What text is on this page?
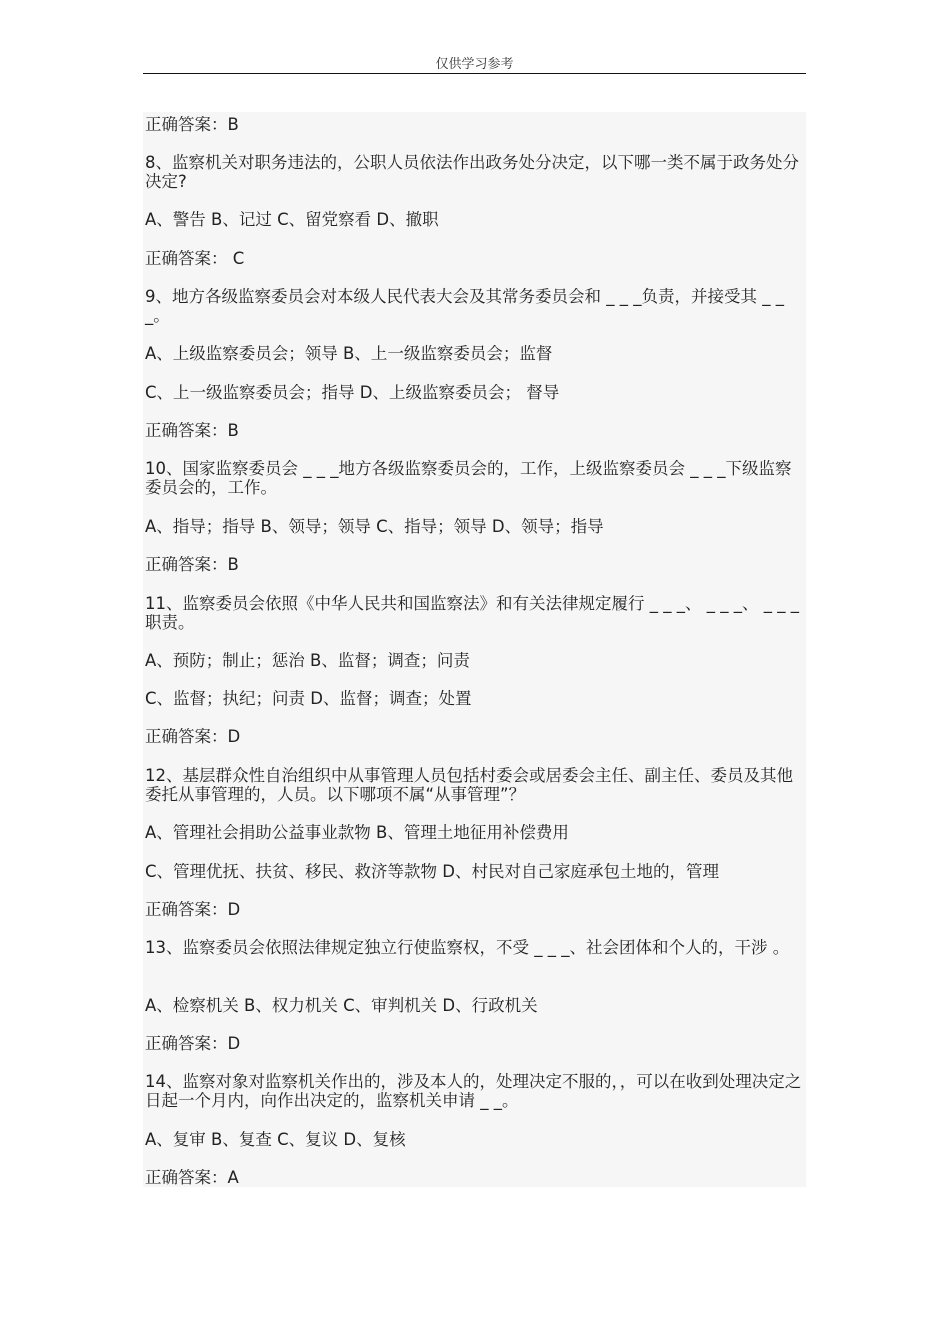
仅供学习参考
正确答案：B
8、监察机关对职务违法的，公职人员依法作出政务处分决定，以下哪一类不属于政务处分决定?
A、警告 B、记过 C、留党察看 D、撤职
正确答案： C
9、地方各级监察委员会对本级人民代表大会及其常务委员会和 _ _ _负责，并接受其 _ _ _。
A、上级监察委员会；领导 B、上一级监察委员会；监督
C、上一级监察委员会；指导 D、上级监察委员会； 督导
正确答案：B
10、国家监察委员会 _ _ _地方各级监察委员会的，工作，上级监察委员会 _ _ _下级监察委员会的，工作。
A、指导；指导 B、领导；领导 C、指导；领导 D、领导；指导
正确答案：B
11、监察委员会依照《中华人民共和国监察法》和有关法律规定履行 _ _ _、 _ _ _、 _ _ _职责。
A、预防；制止；惩治 B、监督；调查；问责
C、监督；执纪；问责 D、监督；调查；处置
正确答案：D
12、基层群众性自治组织中从事管理人员包括村委会或居委会主任、副主任、委员及其他委托从事管理的，人员。以下哪项不属“从事管理”？
A、管理社会捐助公益事业款物 B、管理土地征用补偿费用
C、管理优抚、扶贫、移民、救济等款物 D、村民对自己家庭承包土地的，管理
正确答案：D
13、监察委员会依照法律规定独立行使监察权，不受 _ _ _、社会团体和个人的，干涉 。
A、检察机关 B、权力机关 C、审判机关 D、行政机关
正确答案：D
14、监察对象对监察机关作出的，涉及本人的，处理决定不服的，，可以在收到处理决定之日起一个月内，向作出决定的，监察机关申请 _ _。
A、复审 B、复查 C、复议 D、复核
正确答案：A
